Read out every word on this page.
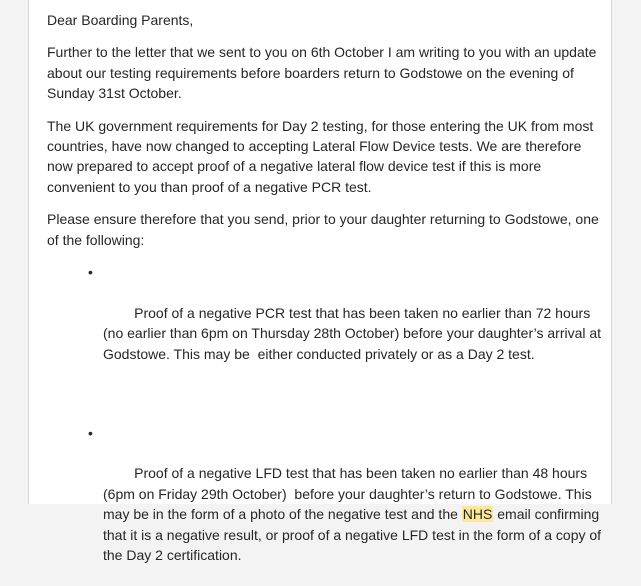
Dear Boarding Parents,

Further to the letter that we sent to you on 6th October I am writing to you with an update about our testing requirements before boarders return to Godstowe on the evening of Sunday 31st October.

The UK government requirements for Day 2 testing, for those entering the UK from most countries, have now changed to accepting Lateral Flow Device tests. We are therefore now prepared to accept proof of a negative lateral flow device test if this is more convenient to you than proof of a negative PCR test.

Please ensure therefore that you send, prior to your daughter returning to Godstowe, one of the following:

•

Proof of a negative PCR test that has been taken no earlier than 72 hours (no earlier than 6pm on Thursday 28th October) before your daughter’s arrival at Godstowe. This may be  either conducted privately or as a Day 2 test.

•

Proof of a negative LFD test that has been taken no earlier than 48 hours (6pm on Friday 29th October)  before your daughter’s return to Godstowe. This may be in the form of a photo of the negative test and the NHS email confirming that it is a negative result, or proof of a negative LFD test in the form of a copy of the Day 2 certification.
